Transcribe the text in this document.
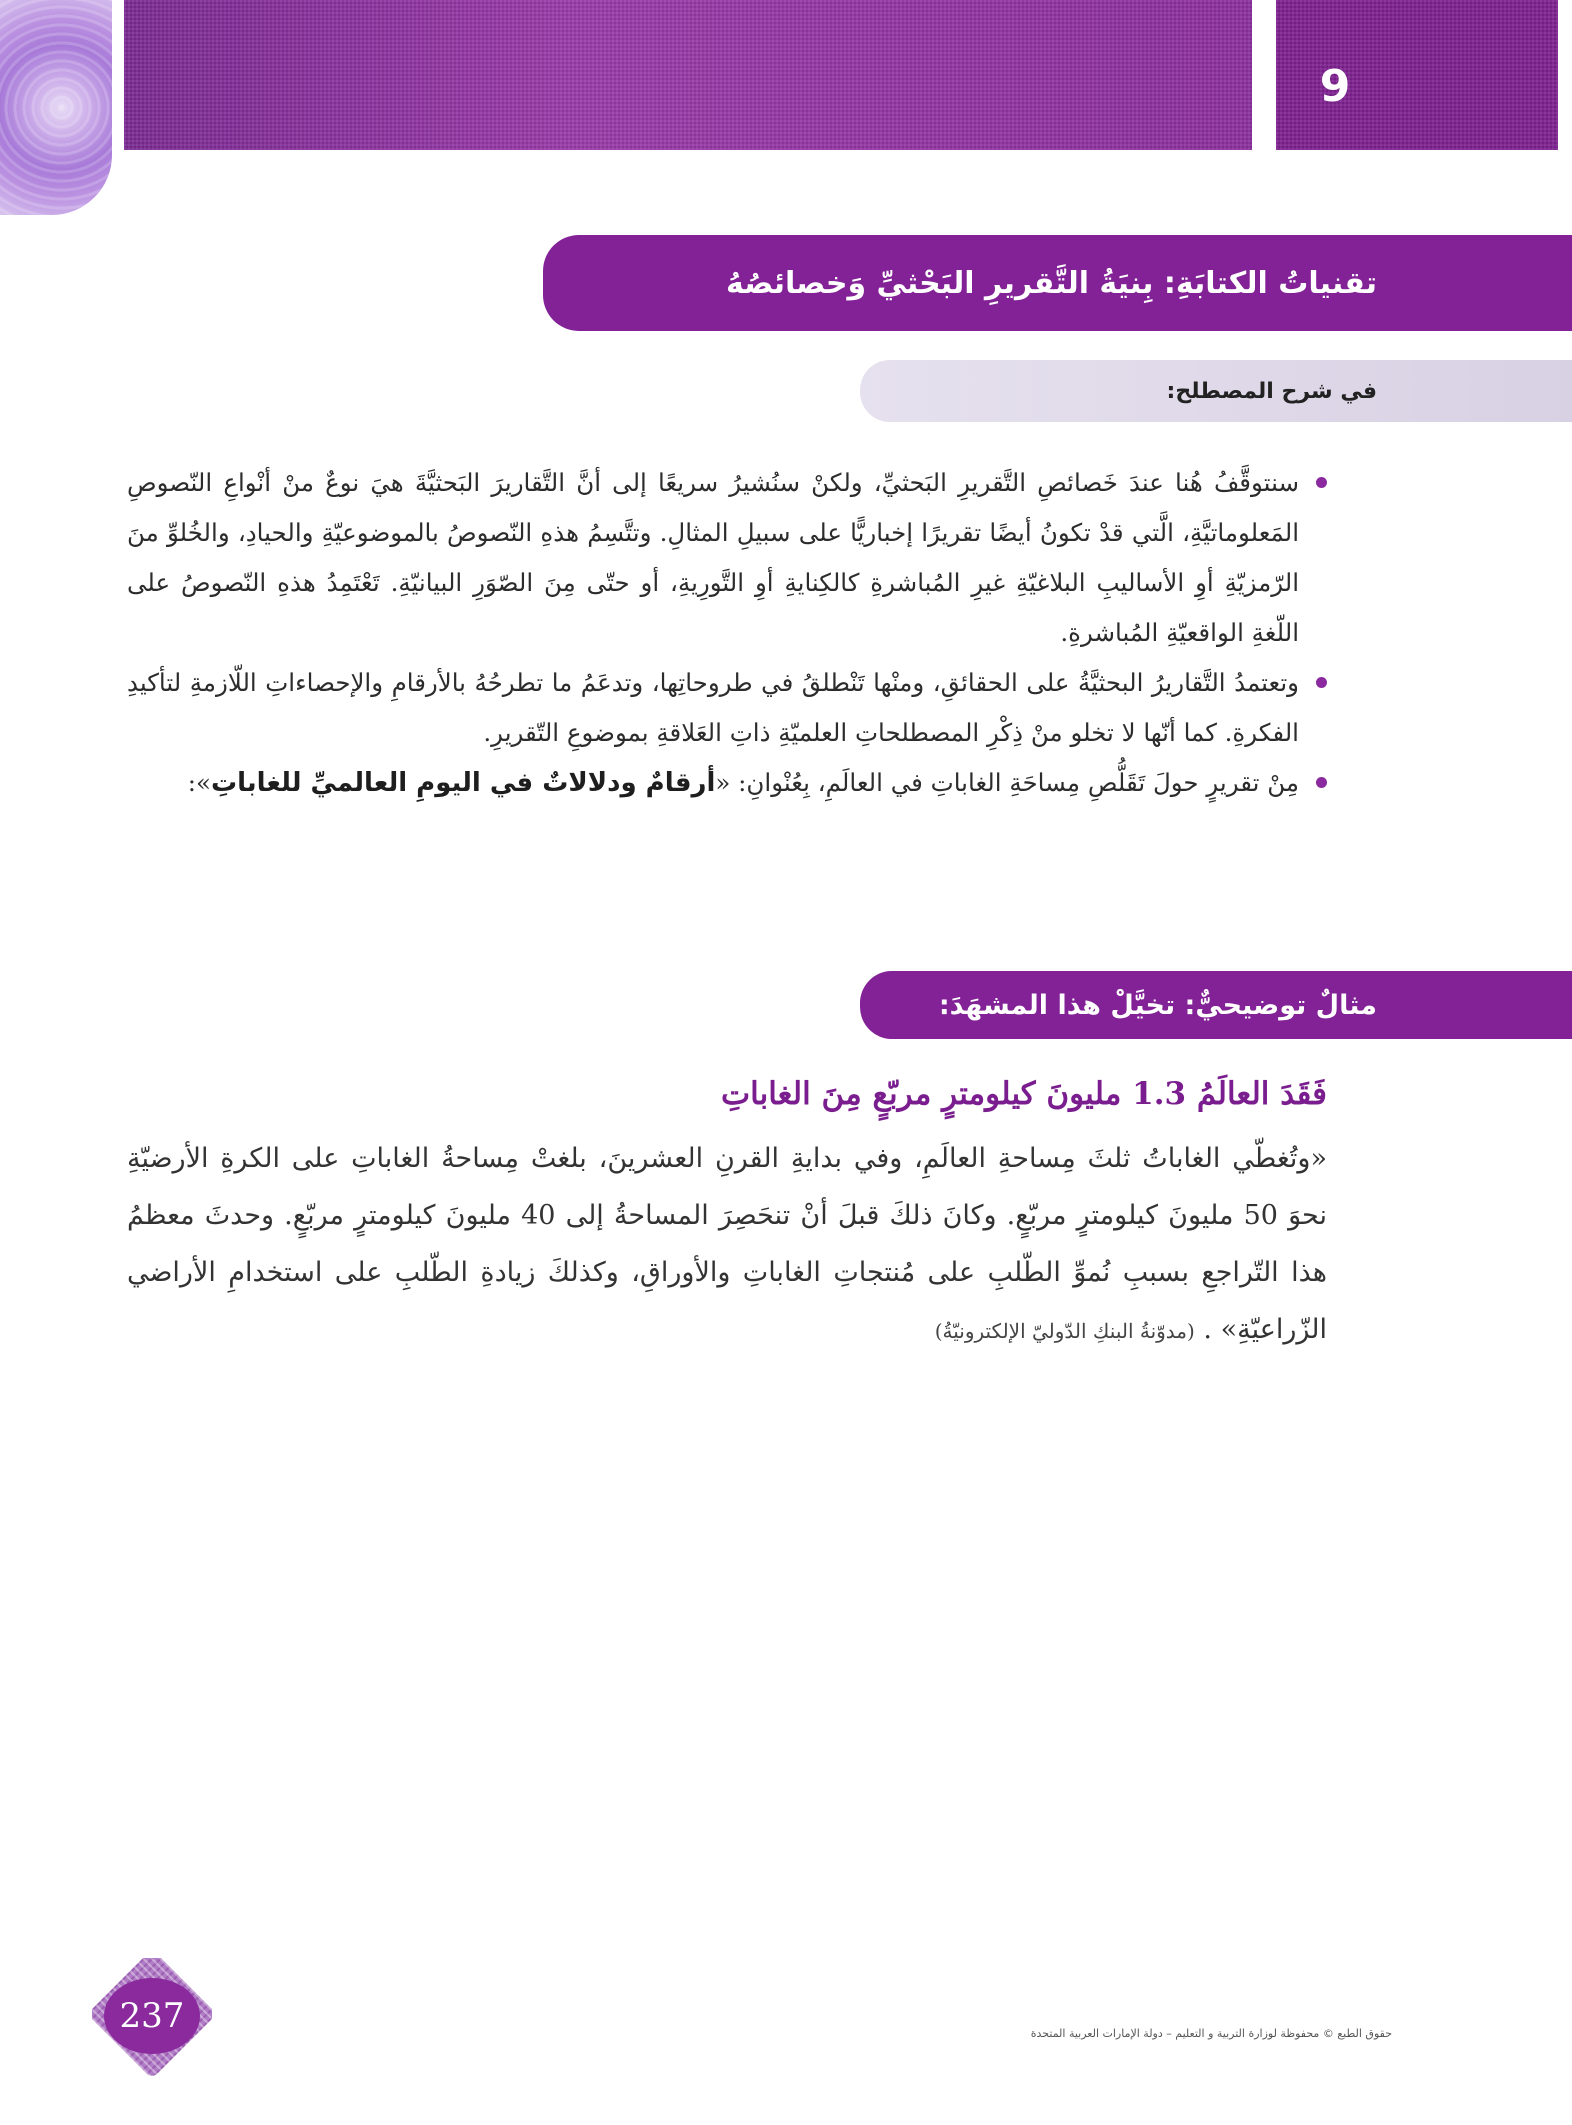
9
تقنياتُ الكتابَةِ: بِنيَةُ التَّقريرِ البَحْثيِّ وَخصائصُهُ
في شرح المصطلح:
سنتوقَّفُ هُنا عندَ خَصائصِ التَّقريرِ البَحثيِّ، ولكنْ سنُشيرُ سريعًا إلى أنَّ التَّقاريرَ البَحثيَّةَ هيَ نوعٌ منْ أنْواعِ النّصوصِ المَعلوماتيَّةِ، الَّتي قدْ تكونُ أيضًا تقريرًا إخباريًّا على سبيلِ المثالِ. وتتَّسِمُ هذهِ النّصوصُ بالموضوعيّةِ والحيادِ، والخُلوِّ منَ الرّمزيّةِ أوِ الأساليبِ البلاغيّةِ غيرِ المُباشرةِ كالكِنايةِ أوِ التَّورِيةِ، أو حتّى مِنَ الصّوَرِ البيانيّةِ. تَعْتَمِدُ هذهِ النّصوصُ على اللّغةِ الواقعيّةِ المُباشرةِ.
وتعتمدُ التَّقاريرُ البحثيَّةُ على الحقائقِ، ومنْها تَنْطلقُ في طروحاتِها، وتدعَمُ ما تطرحُهُ بالأرقامِ والإحصاءاتِ اللّازمةِ لتأكيدِ الفكرةِ. كما أنّها لا تخلو منْ ذِكْرِ المصطلحاتِ العلميّةِ ذاتِ العَلاقةِ بموضوعِ التّقريرِ.
مِنْ تقريرٍ حولَ تَقَلُّصِ مِساحَةِ الغاباتِ في العالَمِ، بِعُنْوانِ: «أرقامٌ ودلالاتٌ في اليومِ العالميِّ للغاباتِ»:
مثالٌ توضيحيٌّ: تخيَّلْ هذا المشهَدَ:
فَقَدَ العالَمُ 1.3 مليونَ كيلومترٍ مربّعٍ مِنَ الغاباتِ
«وتُغطّي الغاباتُ ثلثَ مِساحةِ العالَمِ، وفي بدايةِ القرنِ العشرينَ، بلغتْ مِساحةُ الغاباتِ على الكرةِ الأرضيّةِ نحوَ 50 مليونَ كيلومترٍ مربّعٍ. وكانَ ذلكَ قبلَ أنْ تنحَصِرَ المساحةُ إلى 40 مليونَ كيلومترٍ مربّعٍ. وحدثَ معظمُ هذا التّراجعِ بسببِ نُموِّ الطّلبِ على مُنتجاتِ الغاباتِ والأوراقِ، وكذلكَ زيادةِ الطّلبِ على استخدامِ الأراضي الزّراعيّةِ» . (مدوّنةُ البنكِ الدّوليّ الإلكترونيّةُ)
237	حقوق الطبع © محفوظة لوزارة التربية و التعليم – دولة الإمارات العربية المتحدة
